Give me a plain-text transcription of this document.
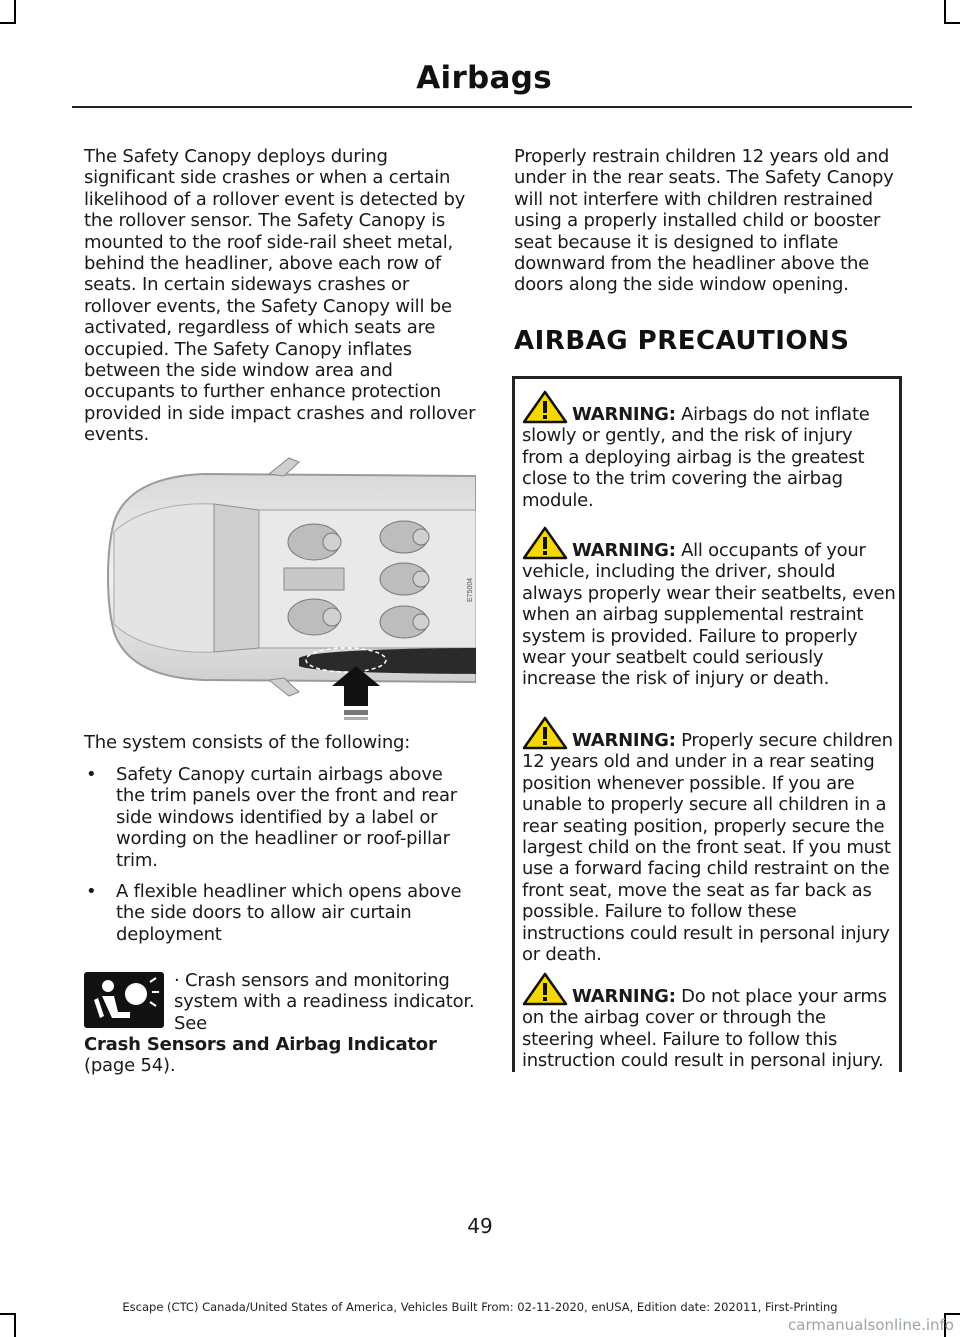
Airbags

The Safety Canopy deploys during significant side crashes or when a certain likelihood of a rollover event is detected by the rollover sensor. The Safety Canopy is mounted to the roof side-rail sheet metal, behind the headliner, above each row of seats. In certain sideways crashes or rollover events, the Safety Canopy will be activated, regardless of which seats are occupied. The Safety Canopy inflates between the side window area and occupants to further enhance protection provided in side impact crashes and rollover events.

E75004

The system consists of the following:

• Safety Canopy curtain airbags above the trim panels over the front and rear side windows identified by a label or wording on the headliner or roof-pillar trim.
• A flexible headliner which opens above the side doors to allow air curtain deployment

· Crash sensors and monitoring system with a readiness indicator. See

Crash Sensors and Airbag Indicator (page 54).

Properly restrain children 12 years old and under in the rear seats. The Safety Canopy will not interfere with children restrained using a properly installed child or booster seat because it is designed to inflate downward from the headliner above the doors along the side window opening.

AIRBAG PRECAUTIONS
WARNING: Airbags do not inflate slowly or gently, and the risk of injury from a deploying airbag is the greatest close to the trim covering the airbag module.
WARNING: All occupants of your vehicle, including the driver, should always properly wear their seatbelts, even when an airbag supplemental restraint system is provided. Failure to properly wear your seatbelt could seriously increase the risk of injury or death.
WARNING: Properly secure children 12 years old and under in a rear seating position whenever possible. If you are unable to properly secure all children in a rear seating position, properly secure the largest child on the front seat. If you must use a forward facing child restraint on the front seat, move the seat as far back as possible. Failure to follow these instructions could result in personal injury or death.
WARNING: Do not place your arms on the airbag cover or through the steering wheel. Failure to follow this instruction could result in personal injury.
49
Escape (CTC) Canada/United States of America, Vehicles Built From: 02-11-2020, enUSA, Edition date: 202011, First-Printing
carmanualsonline.info
